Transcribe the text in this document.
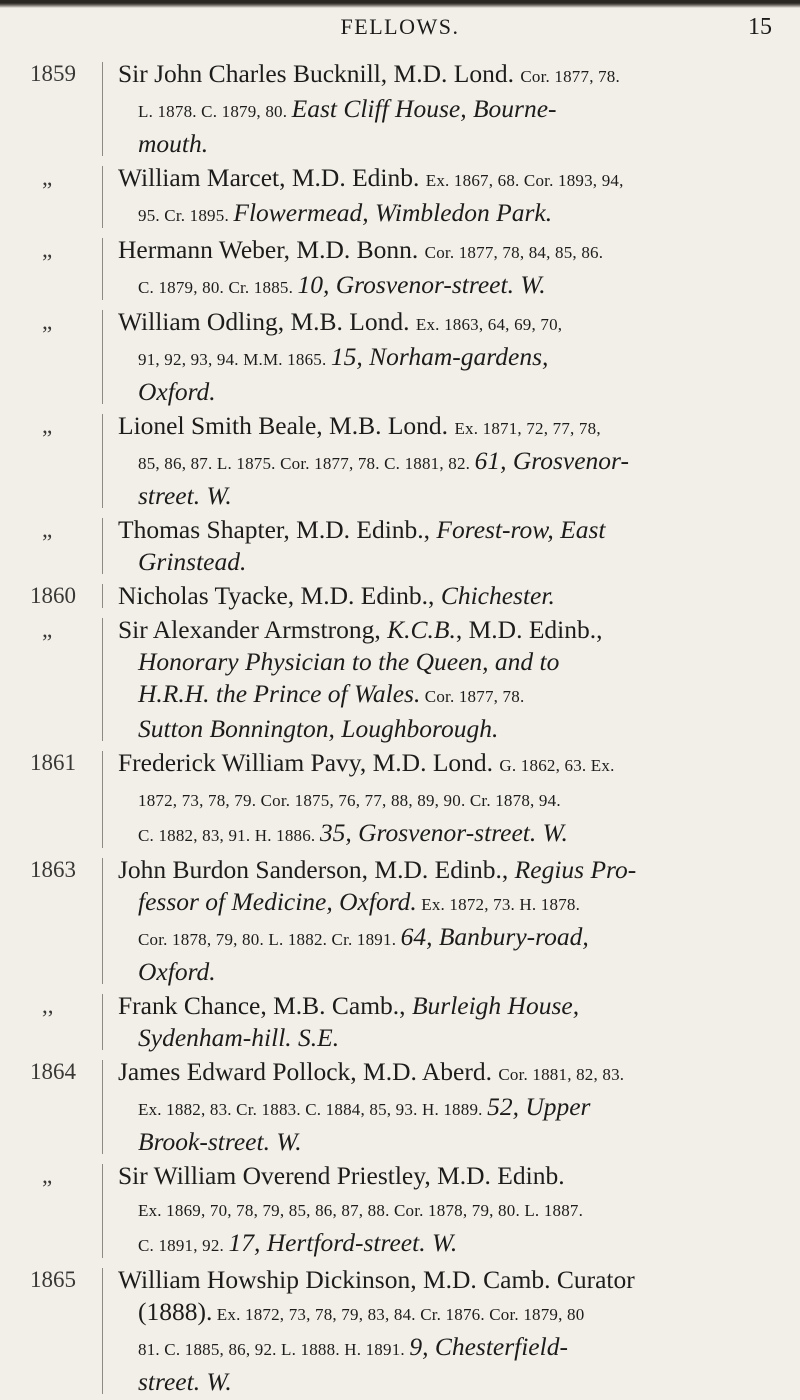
FELLOWS.	15
1859	Sir John Charles Bucknill, M.D. Lond. Cor. 1877, 78.
L. 1878. C. 1879, 80. East Cliff House, Bourne-
mouth.
„	William Marcet, M.D. Edinb. Ex. 1867, 68. Cor. 1893, 94,
95. Cr. 1895. Flowermead, Wimbledon Park.
„	Hermann Weber, M.D. Bonn. Cor. 1877, 78, 84, 85, 86.
C. 1879, 80. Cr. 1885. 10, Grosvenor-street. W.
„	William Odling, M.B. Lond. Ex. 1863, 64, 69, 70,
91, 92, 93, 94. M.M. 1865. 15, Norham-gardens,
Oxford.
„	Lionel Smith Beale, M.B. Lond. Ex. 1871, 72, 77, 78,
85, 86, 87. L. 1875. Cor. 1877, 78. C. 1881, 82. 61, Grosvenor-
street. W.
„	Thomas Shapter, M.D. Edinb., Forest-row, East
Grinstead.
1860	Nicholas Tyacke, M.D. Edinb., Chichester.
„	Sir Alexander Armstrong, K.C.B., M.D. Edinb.,
Honorary Physician to the Queen, and to
H.R.H. the Prince of Wales. Cor. 1877, 78.
Sutton Bonnington, Loughborough.
1861	Frederick William Pavy, M.D. Lond. G. 1862, 63. Ex.
1872, 73, 78, 79. Cor. 1875, 76, 77, 88, 89, 90. Cr. 1878, 94.
C. 1882, 83, 91. H. 1886. 35, Grosvenor-street. W.
1863	John Burdon Sanderson, M.D. Edinb., Regius Pro-
fessor of Medicine, Oxford. Ex. 1872, 73. H. 1878.
Cor. 1878, 79, 80. L. 1882. Cr. 1891. 64, Banbury-road,
Oxford.
,,	Frank Chance, M.B. Camb., Burleigh House,
Sydenham-hill. S.E.
1864	James Edward Pollock, M.D. Aberd. Cor. 1881, 82, 83.
Ex. 1882, 83. Cr. 1883. C. 1884, 85, 93. H. 1889. 52, Upper
Brook-street. W.
„	Sir William Overend Priestley, M.D. Edinb.
Ex. 1869, 70, 78, 79, 85, 86, 87, 88. Cor. 1878, 79, 80. L. 1887.
C. 1891, 92. 17, Hertford-street. W.
1865	William Howship Dickinson, M.D. Camb. Curator
(1888). Ex. 1872, 73, 78, 79, 83, 84. Cr. 1876. Cor. 1879, 80
81. C. 1885, 86, 92. L. 1888. H. 1891. 9, Chesterfield-
street. W.
